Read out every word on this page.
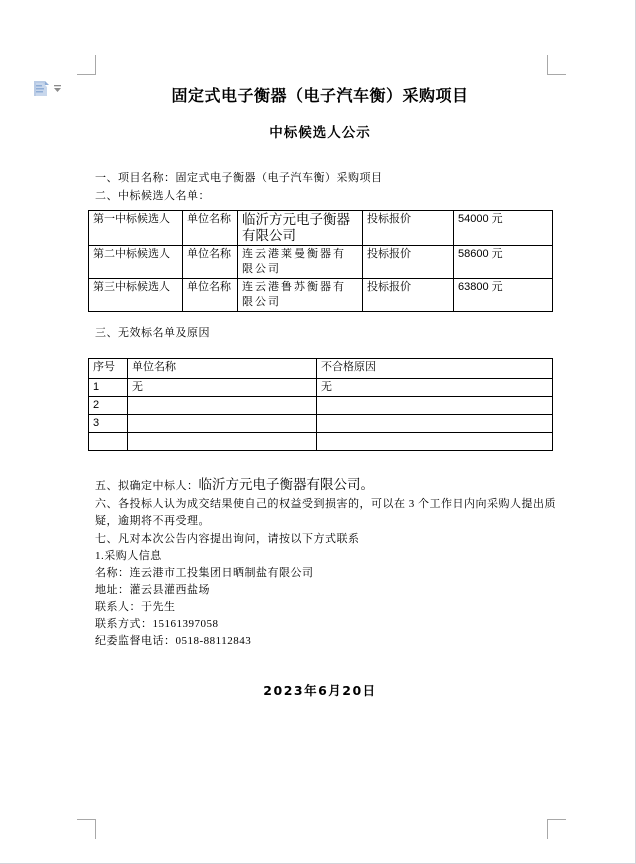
固定式电子衡器（电子汽车衡）采购项目
中标候选人公示
一、项目名称：固定式电子衡器（电子汽车衡）采购项目
二、中标候选人名单：
第一中标候选人	单位名称	临沂方元电子衡器有限公司	投标报价	54000 元
第二中标候选人	单位名称	连云港莱曼衡器有限公司	投标报价	58600 元
第三中标候选人	单位名称	连云港鲁苏衡器有限公司	投标报价	63800 元
三、无效标名单及原因
序号	单位名称	不合格原因
1	无	无
2		
3		

五、拟确定中标人：临沂方元电子衡器有限公司。
六、各投标人认为成交结果使自己的权益受到损害的，可以在 3 个工作日内向采购人提出质
疑，逾期将不再受理。
七、凡对本次公告内容提出询问，请按以下方式联系
1.采购人信息
名称：连云港市工投集团日晒制盐有限公司
地址：灌云县灌西盐场
联系人：于先生
联系方式：15161397058
纪委监督电话：0518-88112843
2023年6月20日
